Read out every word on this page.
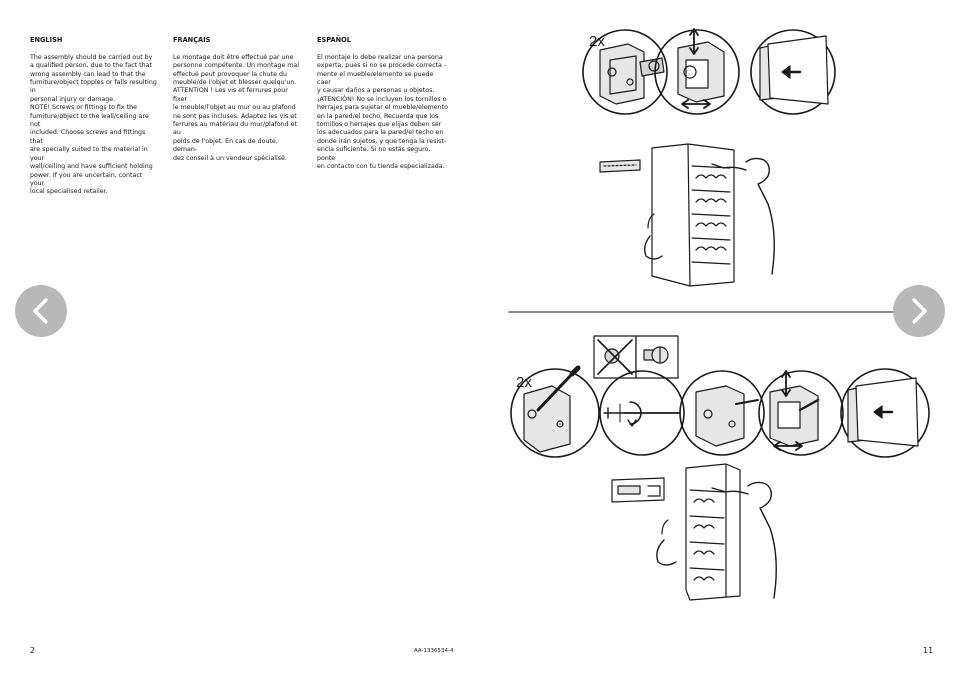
ENGLISH

The assembly should be carried out by
a qualified person, due to the fact that
wrong assembly can lead to that the
furniture/object topples or falls resulting in
personal injury or damage.
NOTE! Screws or fittings to fix the
furniture/object to the wall/ceiling are not
included. Choose screws and fittings that
are specially suited to the material in your
wall/ceiling and have sufficient holding
power. If you are uncertain, contact your
local specialised retailer.

FRANÇAIS

Le montage doit être effectué par une
personne compétente. Un montage mal
effectué peut provoquer la chute du
meuble/de l'objet et blesser quelqu'un.
ATTENTION ! Les vis et ferrures pour fixer
le meuble/l'objet au mur ou au plafond
ne sont pas incluses. Adaptez les vis et
ferrures au matériau du mur/plafond et au
poids de l'objet. En cas de doute, deman-
dez conseil à un vendeur spécialisé.

ESPAÑOL

El montaje lo debe realizar una persona
experta, pues si no se procede correcta -
mente el mueble/elemento se puede caer
y causar daños a personas u objetos.
¡ATENCIÓN! No se incluyen los tornillos o
herrajes para sujetar el mueble/elemento
en la pared/el techo. Recuerda que los
tornillos o herrajes que elijas deben ser
los adecuados para la pared/el techo en
donde irán sujetos, y que tenga la resist-
encia suficiente. Si no estás seguro, ponte
en contacto con tu tienda especializada.

2x
2x
2	AA-1336534-4	11
